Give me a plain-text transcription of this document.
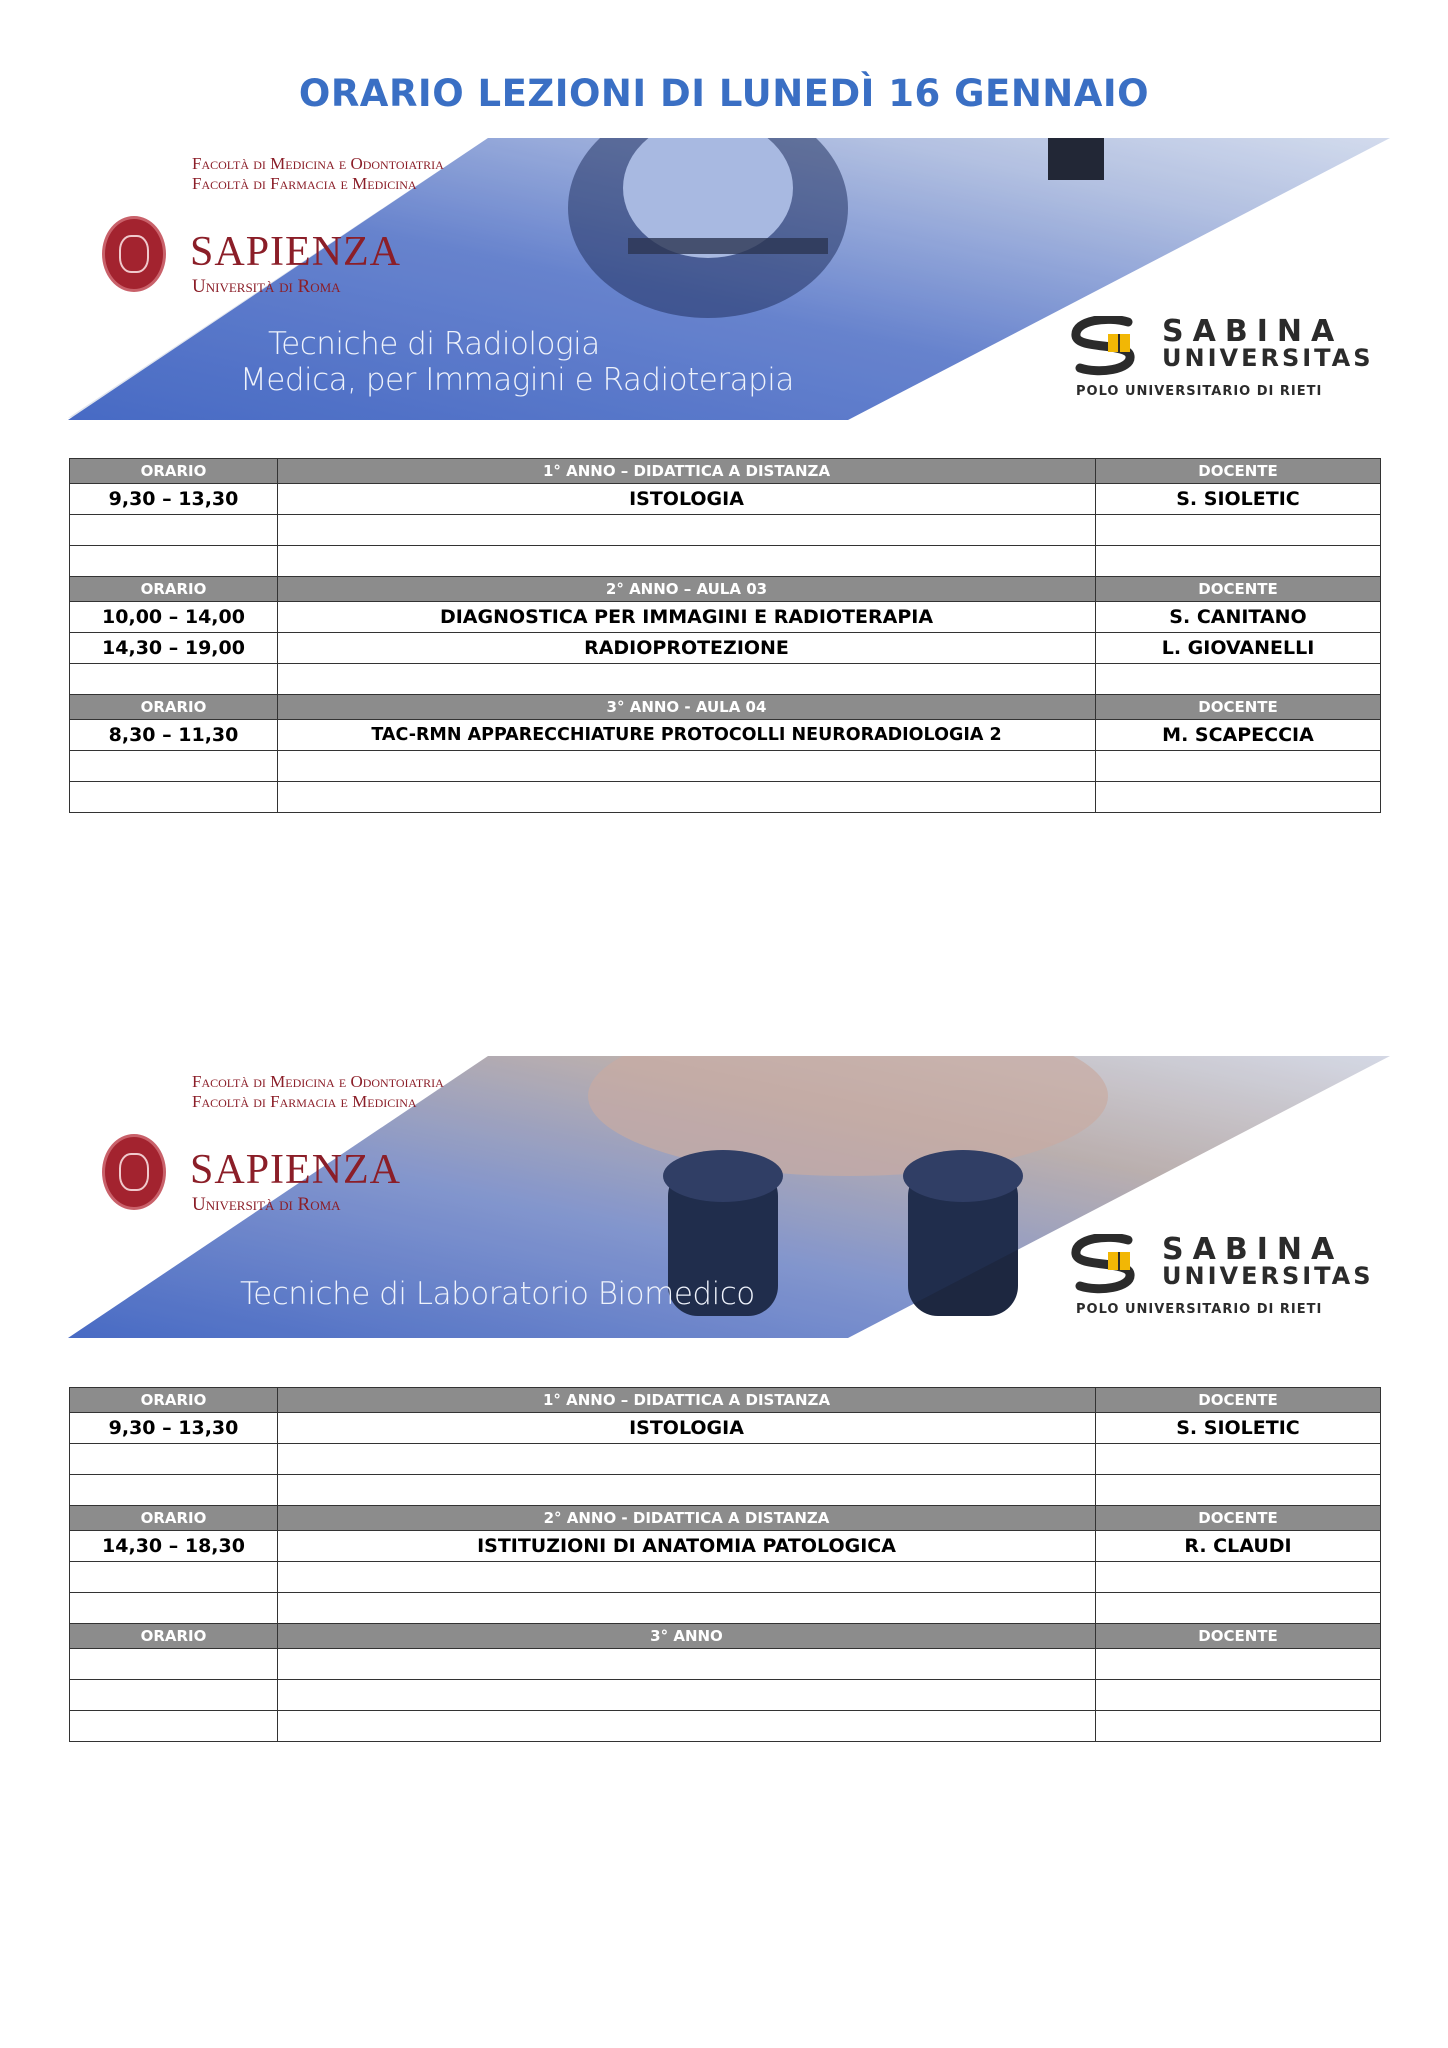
ORARIO LEZIONI DI LUNEDÌ 16 GENNAIO
Facoltà di Medicina e Odontoiatria
Facoltà di Farmacia e Medicina
SAPIENZA
Università di Roma
Tecniche di Radiologia
Medica, per Immagini e Radioterapia
SABINA
UNIVERSITAS
POLO UNIVERSITARIO DI RIETI
ORARIO	1° ANNO – DIDATTICA A DISTANZA	DOCENTE
9,30 – 13,30	ISTOLOGIA	S. SIOLETIC

ORARIO	2° ANNO – AULA 03	DOCENTE
10,00 – 14,00	DIAGNOSTICA PER IMMAGINI E RADIOTERAPIA	S. CANITANO
14,30 – 19,00	RADIOPROTEZIONE	L. GIOVANELLI

ORARIO	3° ANNO - AULA 04	DOCENTE
8,30 – 11,30	TAC-RMN APPARECCHIATURE PROTOCOLLI NEURORADIOLOGIA 2	M. SCAPECCIA

Facoltà di Medicina e Odontoiatria
Facoltà di Farmacia e Medicina
SAPIENZA
Università di Roma
Tecniche di Laboratorio Biomedico
SABINA
UNIVERSITAS
POLO UNIVERSITARIO DI RIETI
ORARIO	1° ANNO – DIDATTICA A DISTANZA	DOCENTE
9,30 – 13,30	ISTOLOGIA	S. SIOLETIC

ORARIO	2° ANNO - DIDATTICA A DISTANZA	DOCENTE
14,30 – 18,30	ISTITUZIONI DI ANATOMIA PATOLOGICA	R. CLAUDI

ORARIO	3° ANNO	DOCENTE
